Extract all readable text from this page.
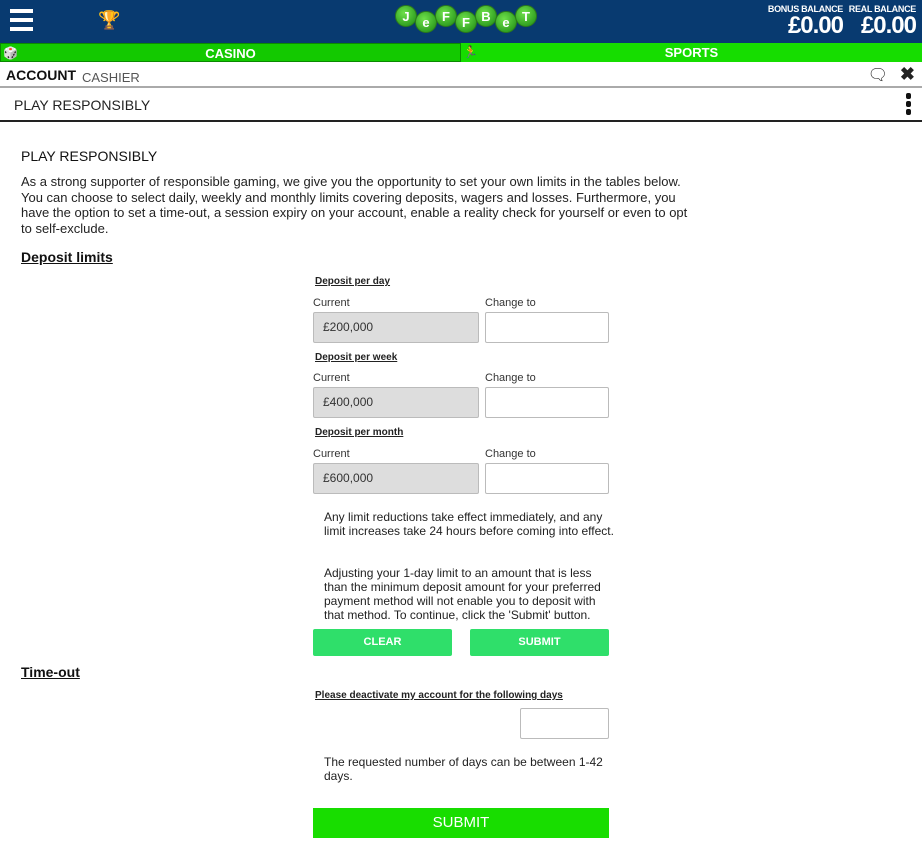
🏆	J e F F B e T	BONUS BALANCE
£0.00
REAL BALANCE
£0.00
🎲	CASINO	🏃	SPORTS
ACCOUNT CASHIER	🗨 ✖
PLAY RESPONSIBLY
PLAY RESPONSIBLY
As a strong supporter of responsible gaming, we give you the opportunity to set your own limits in the tables below. You can choose to select daily, weekly and monthly limits covering deposits, wagers and losses. Furthermore, you have the option to set a time-out, a session expiry on your account, enable a reality check for yourself or even to opt to self-exclude.
Deposit limits
Deposit per day
Current	Change to
£200,000
Deposit per week
Current	Change to
£400,000
Deposit per month
Current	Change to
£600,000
Any limit reductions take effect immediately, and any limit increases take 24 hours before coming into effect.
Adjusting your 1-day limit to an amount that is less than the minimum deposit amount for your preferred payment method will not enable you to deposit with that method. To continue, click the 'Submit' button.
CLEAR	SUBMIT
Time-out
Please deactivate my account for the following days
The requested number of days can be between 1-42 days.
SUBMIT
